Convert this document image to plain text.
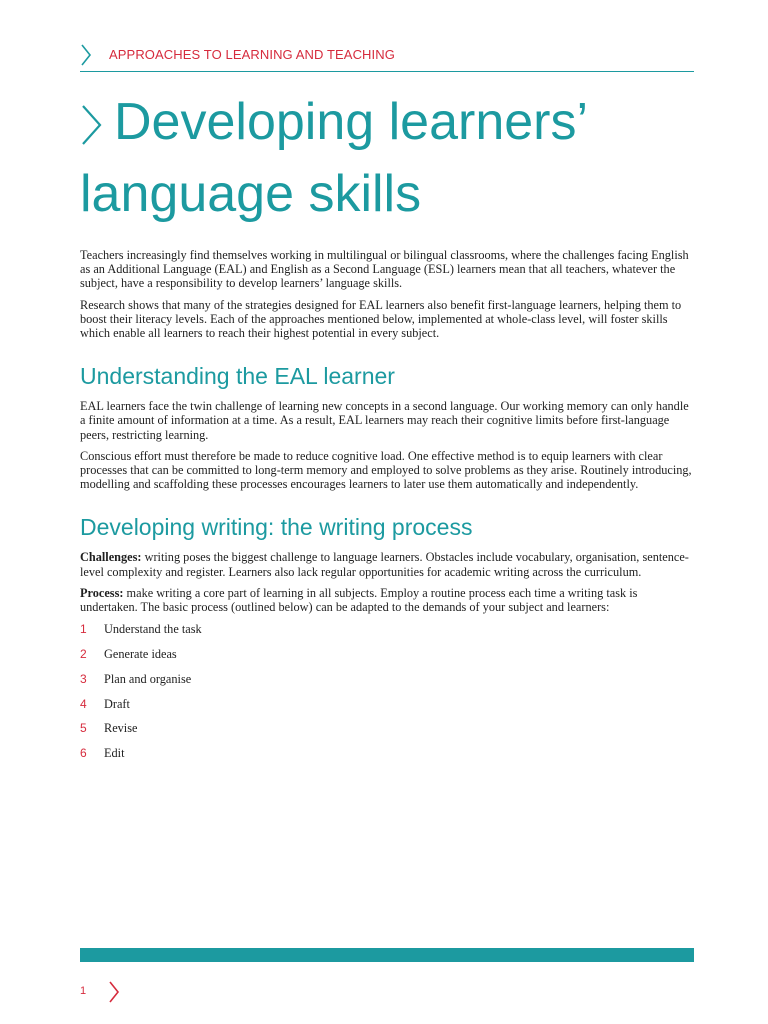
APPROACHES TO LEARNING AND TEACHING
Developing learners’ language skills

Teachers increasingly find themselves working in multilingual or bilingual classrooms, where the challenges facing English as an Additional Language (EAL) and English as a Second Language (ESL) learners mean that all teachers, whatever the subject, have a responsibility to develop learners’ language skills.

Research shows that many of the strategies designed for EAL learners also benefit first-language learners, helping them to boost their literacy levels. Each of the approaches mentioned below, implemented at whole-class level, will foster skills which enable all learners to reach their highest potential in every subject.

Understanding the EAL learner

EAL learners face the twin challenge of learning new concepts in a second language. Our working memory can only handle a finite amount of information at a time. As a result, EAL learners may reach their cognitive limits before first-language peers, restricting learning.

Conscious effort must therefore be made to reduce cognitive load. One effective method is to equip learners with clear processes that can be committed to long-term memory and employed to solve problems as they arise. Routinely introducing, modelling and scaffolding these processes encourages learners to later use them automatically and independently.

Developing writing: the writing process

Challenges: writing poses the biggest challenge to language learners. Obstacles include vocabulary, organisation, sentence-level complexity and register. Learners also lack regular opportunities for academic writing across the curriculum.

Process: make writing a core part of learning in all subjects. Employ a routine process each time a writing task is undertaken. The basic process (outlined below) can be adapted to the demands of your subject and learners:

1	Understand the task
2	Generate ideas
3	Plan and organise
4	Draft
5	Revise
6	Edit
1
